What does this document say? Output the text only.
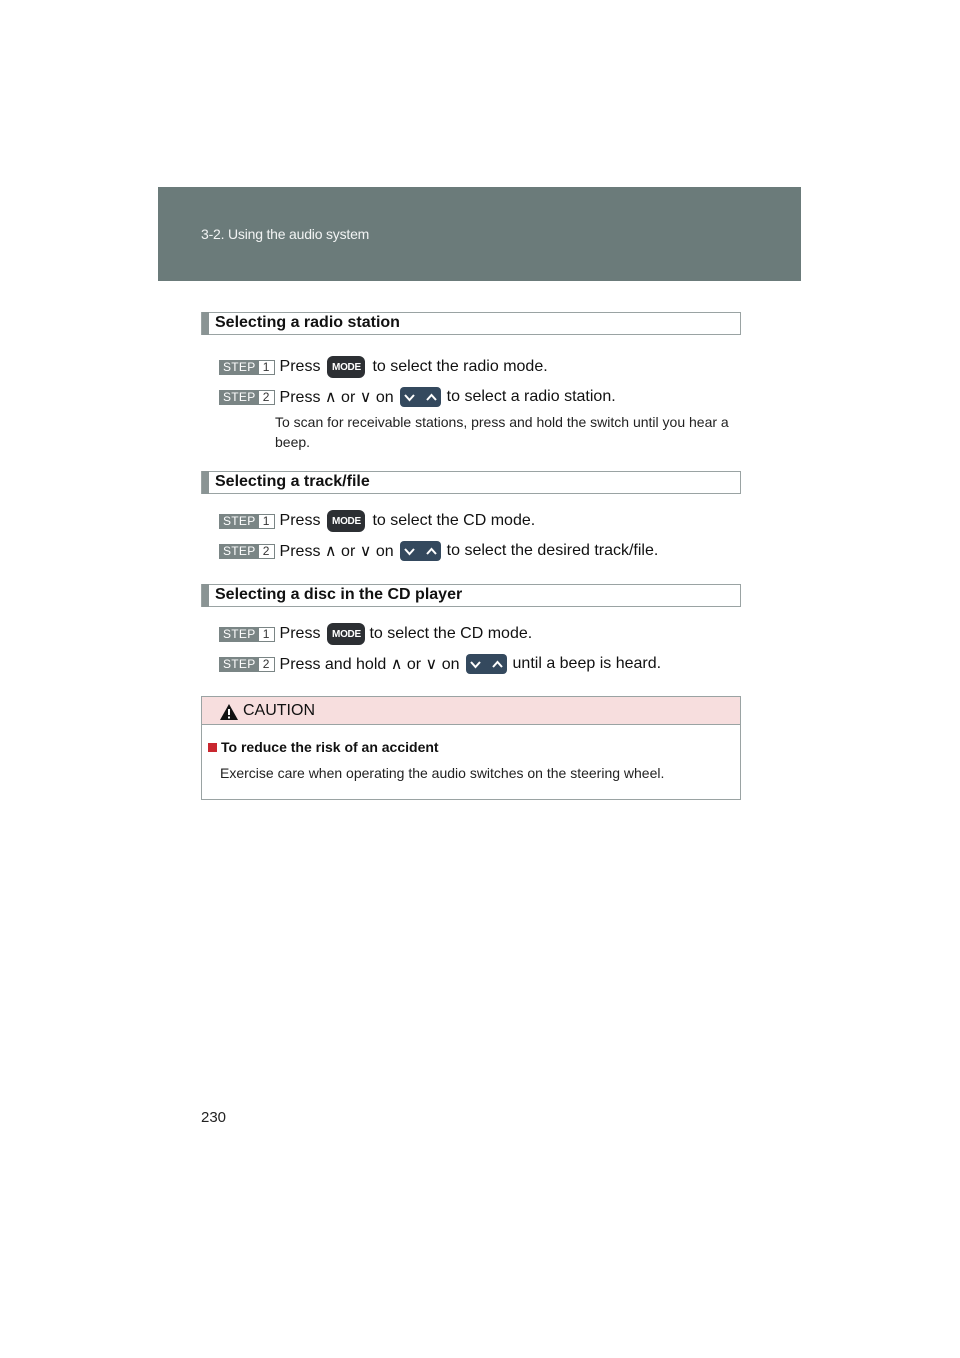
3-2. Using the audio system
Selecting a radio station
STEP 1 Press	MODE to select the radio mode.
STEP 2 Press ∧ or ∨ on	to select a radio station.
To scan for receivable stations, press and hold the switch until you hear a beep.
Selecting a track/file
STEP 1 Press	MODE to select the CD mode.
STEP 2 Press ∧ or ∨ on	to select the desired track/file.
Selecting a disc in the CD player
STEP 1 Press	MODE to select the CD mode.
STEP 2 Press and hold ∧ or ∨ on	until a beep is heard.
CAUTION
To reduce the risk of an accident
Exercise care when operating the audio switches on the steering wheel.
230
